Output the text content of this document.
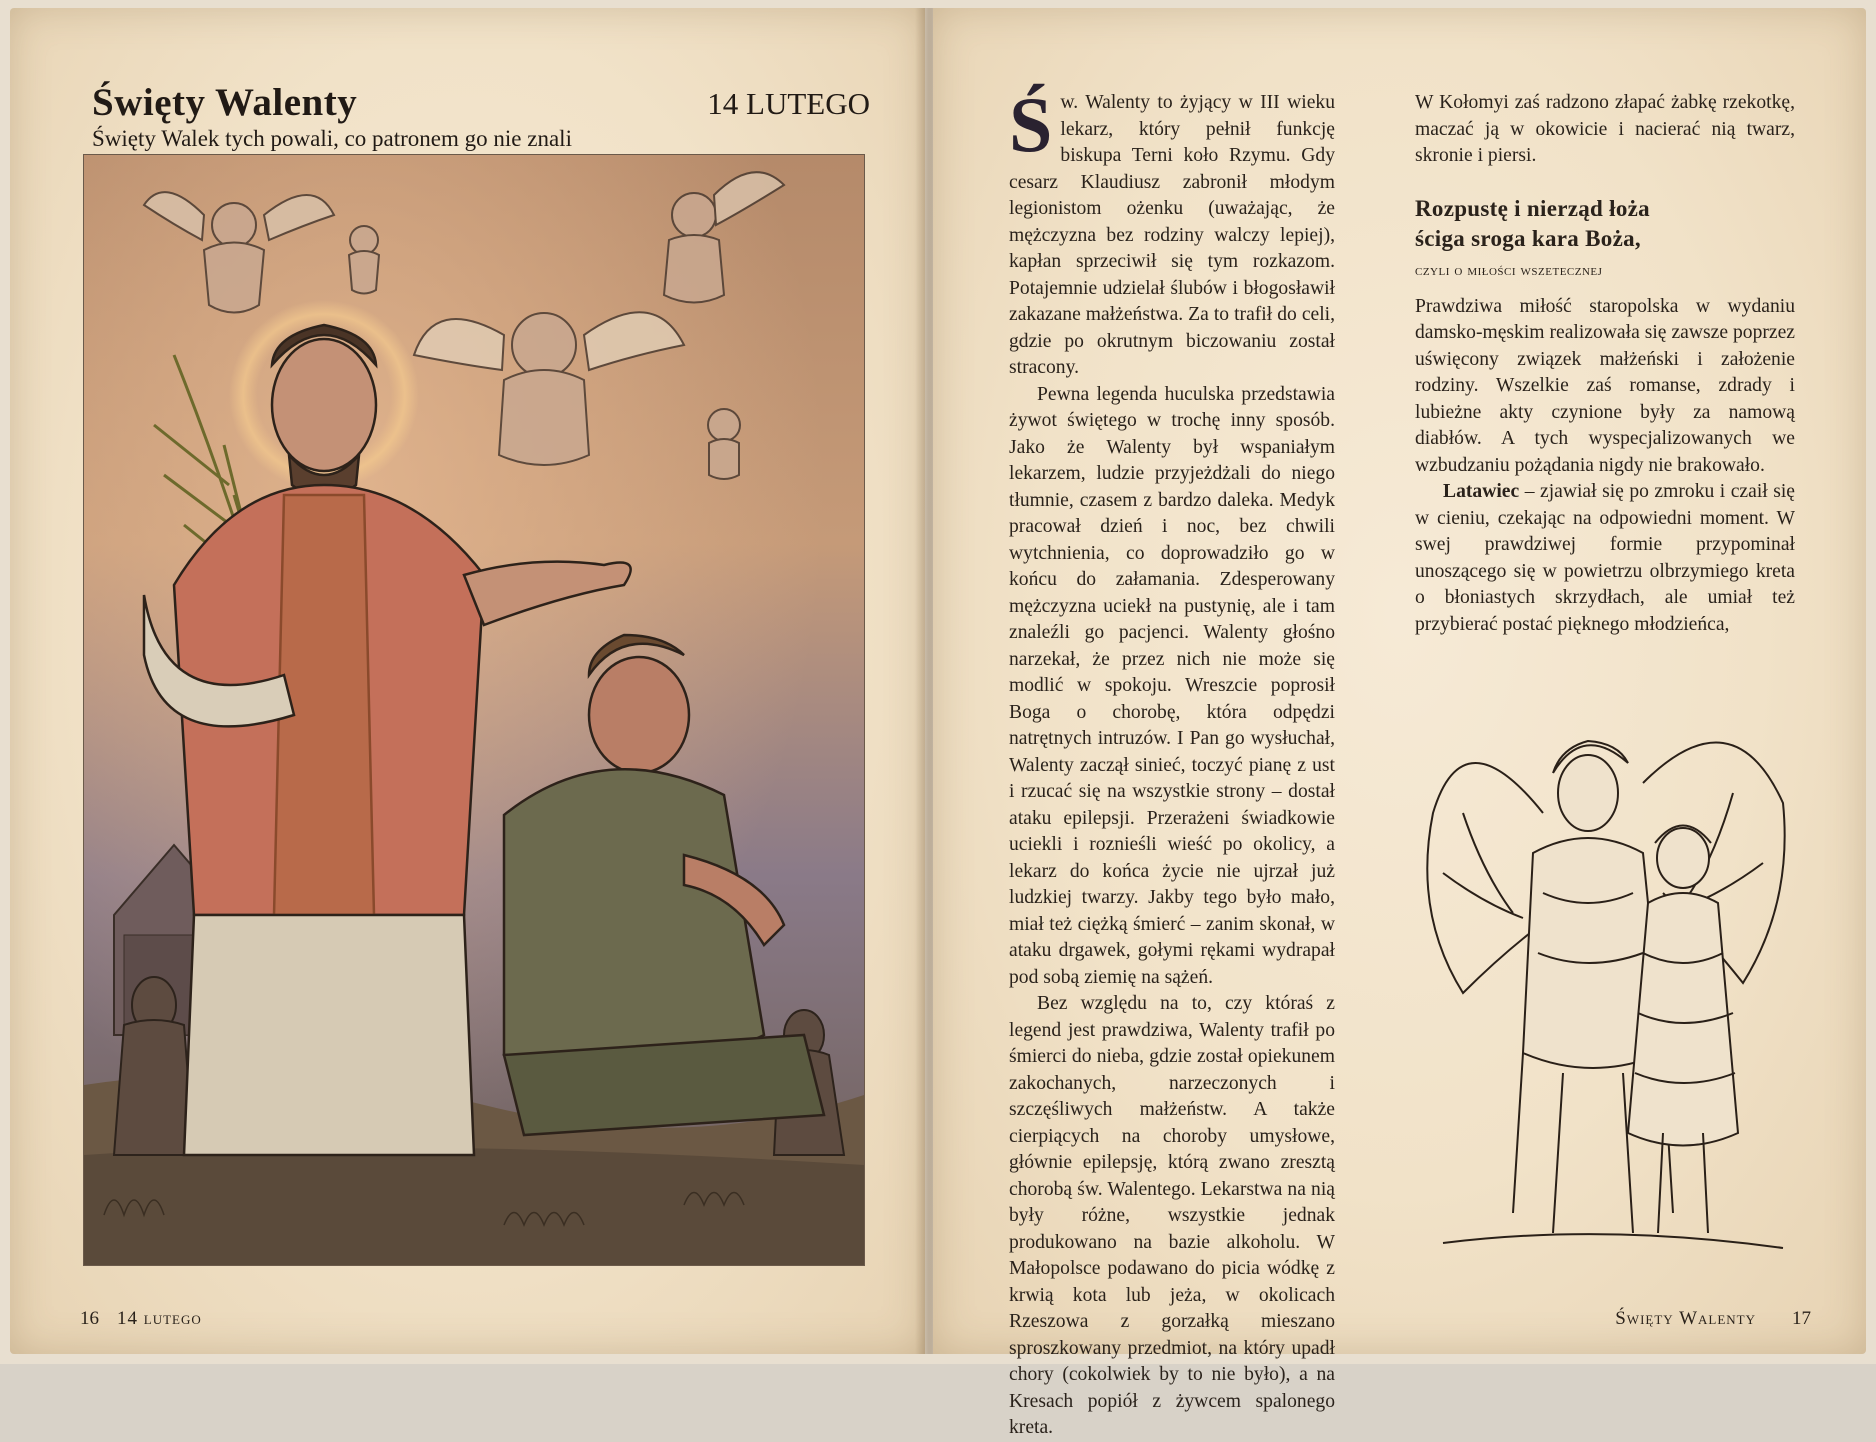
Święty Walenty	14 LUTEGO
Święty Walek tych powali, co patronem go nie znali
16 14 lutego

Św. Walenty to żyjący w III wieku lekarz, który pełnił funkcję biskupa Terni koło Rzymu. Gdy cesarz Klaudiusz zabronił młodym legionistom ożenku (uważając, że mężczyzna bez rodziny walczy lepiej), kapłan sprzeciwił się tym rozkazom. Potajemnie udzielał ślubów i błogosławił zakazane małżeństwa. Za to trafił do celi, gdzie po okrutnym biczowaniu został stracony.

Pewna legenda huculska przedstawia żywot świętego w trochę inny sposób. Jako że Walenty był wspaniałym lekarzem, ludzie przyjeżdżali do niego tłumnie, czasem z bardzo daleka. Medyk pracował dzień i noc, bez chwili wytchnienia, co doprowadziło go w końcu do załamania. Zdesperowany mężczyzna uciekł na pustynię, ale i tam znaleźli go pacjenci. Walenty głośno narzekał, że przez nich nie może się modlić w spokoju. Wreszcie poprosił Boga o chorobę, która odpędzi natrętnych intruzów. I Pan go wysłuchał, Walenty zaczął sinieć, toczyć pianę z ust i rzucać się na wszystkie strony – dostał ataku epilepsji. Przerażeni świadkowie uciekli i roznieśli wieść po okolicy, a lekarz do końca życie nie ujrzał już ludzkiej twarzy. Jakby tego było mało, miał też ciężką śmierć – zanim skonał, w ataku drgawek, gołymi rękami wydrapał pod sobą ziemię na sążeń.

Bez względu na to, czy któraś z legend jest prawdziwa, Walenty trafił po śmierci do nieba, gdzie został opiekunem zakochanych, narzeczonych i szczęśliwych małżeństw. A także cierpiących na choroby umysłowe, głównie epilepsję, którą zwano zresztą chorobą św. Walentego. Lekarstwa na nią były różne, wszystkie jednak produkowano na bazie alkoholu. W Małopolsce podawano do picia wódkę z krwią kota lub jeża, w okolicach Rzeszowa z gorzałką mieszano sproszkowany przedmiot, na który upadł chory (cokolwiek by to nie było), a na Kresach popiół z żywcem spalonego kreta.

W Kołomyi zaś radzono złapać żabkę rzekotkę, maczać ją w okowicie i nacierać nią twarz, skronie i piersi.

Rozpustę i nierząd łoża
ściga sroga kara Boża,
czyli o miłości wszetecznej

Prawdziwa miłość staropolska w wydaniu damsko-męskim realizowała się zawsze poprzez uświęcony związek małżeński i założenie rodziny. Wszelkie zaś romanse, zdrady i lubieżne akty czynione były za namową diabłów. A tych wyspecjalizowanych we wzbudzaniu pożądania nigdy nie brakowało.

Latawiec – zjawiał się po zmroku i czaił się w cieniu, czekając na odpowiedni moment. W swej prawdziwej formie przypominał unoszącego się w powietrzu olbrzymiego kreta o błoniastych skrzydłach, ale umiał też przybierać postać pięknego młodzieńca,

Święty Walenty 17
